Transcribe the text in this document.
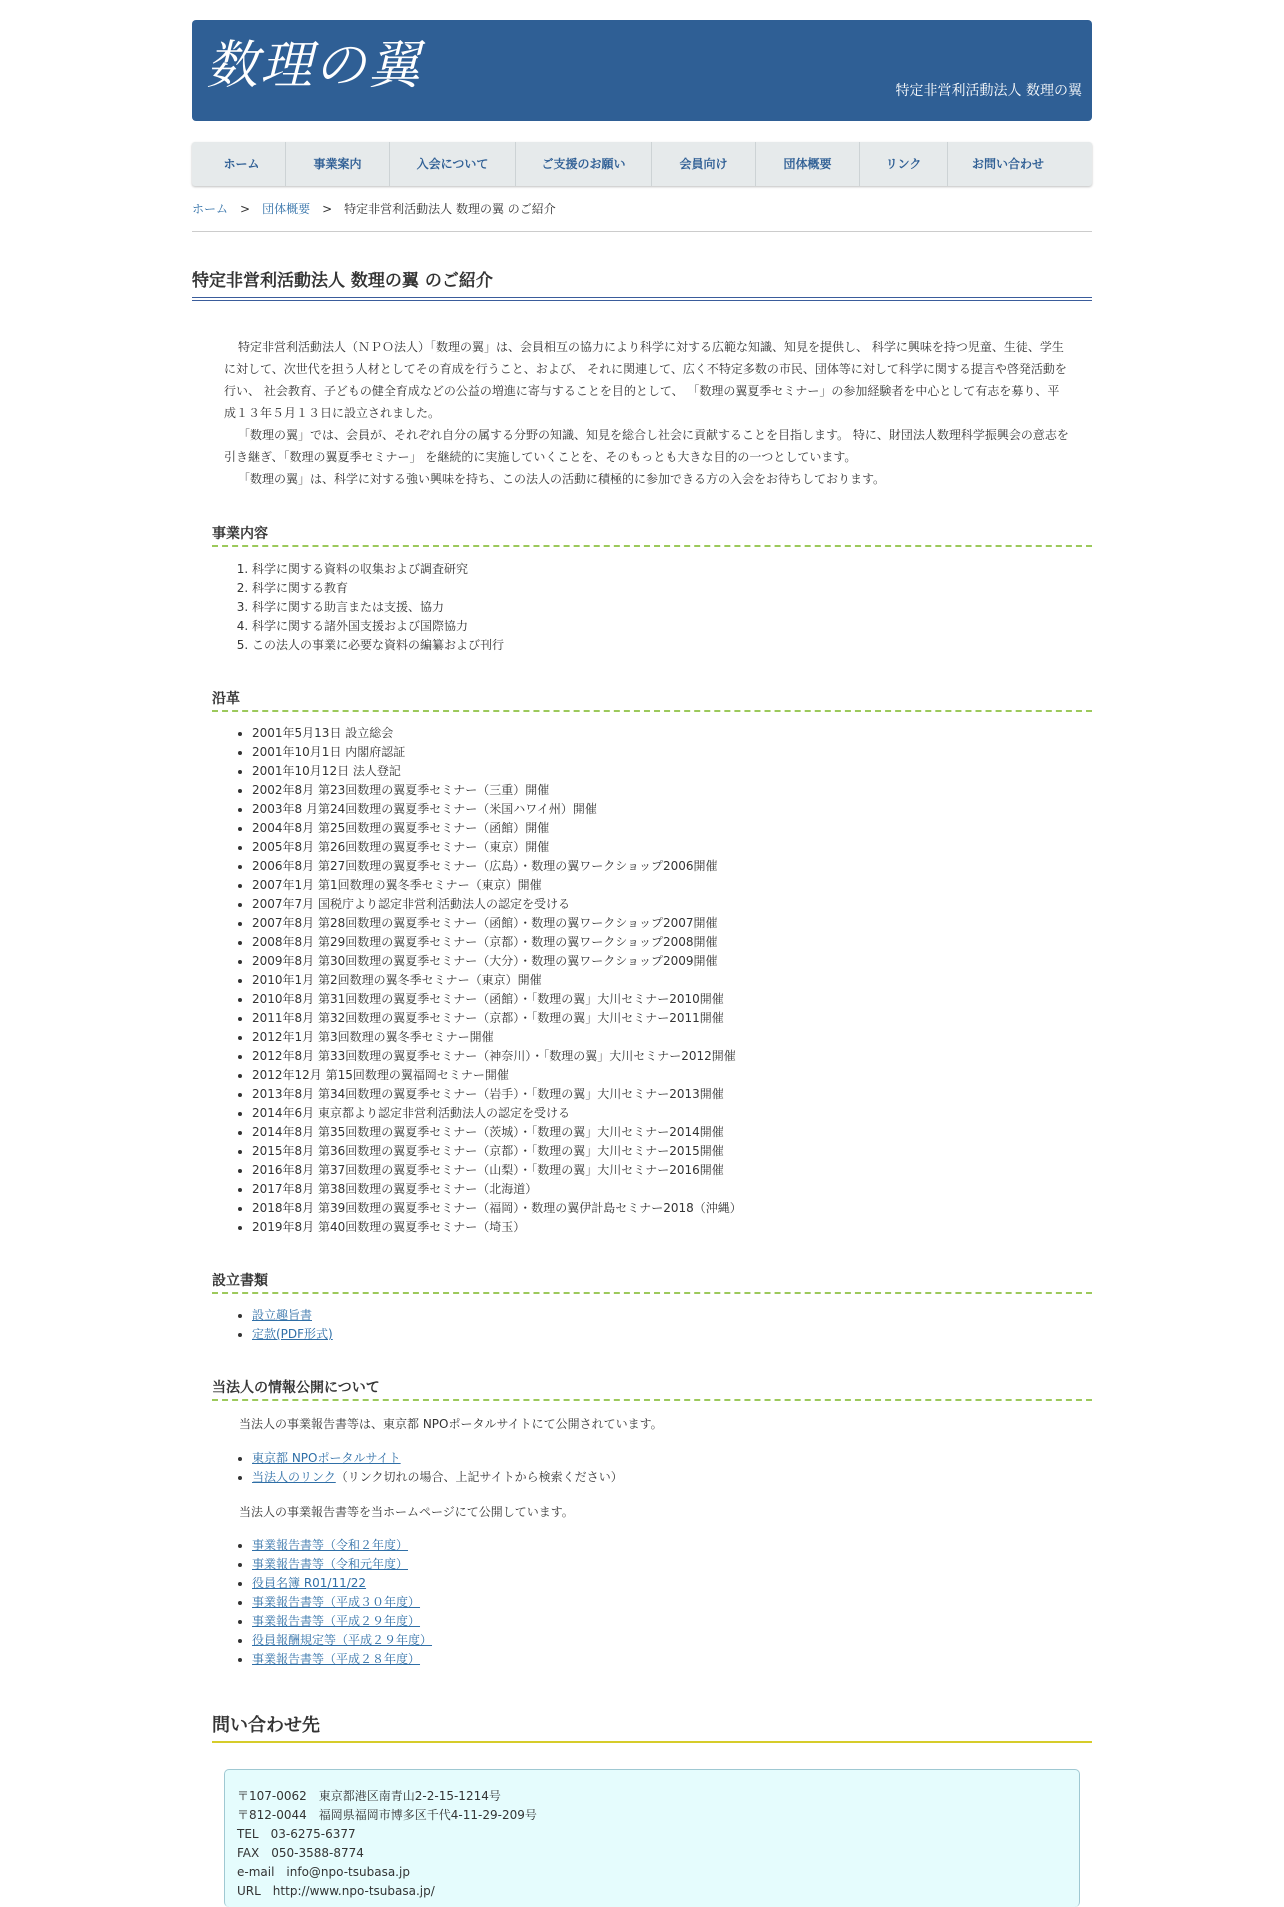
数理の翼	特定非営利活動法人 数理の翼
ホーム	事業案内	入会について	ご支援のお願い	会員向け	団体概要	リンク	お問い合わせ
ホーム > 団体概要 > 特定非営利活動法人 数理の翼 のご紹介
特定非営利活動法人 数理の翼 のご紹介

特定非営利活動法人（ＮＰＯ法人）「数理の翼」は、会員相互の協力により科学に対する広範な知識、知見を提供し、 科学に興味を持つ児童、生徒、学生に対して、次世代を担う人材としてその育成を行うこと、および、 それに関連して、広く不特定多数の市民、団体等に対して科学に関する提言や啓発活動を行い、 社会教育、子どもの健全育成などの公益の増進に寄与することを目的として、 「数理の翼夏季セミナー」の参加経験者を中心として有志を募り、平成１３年５月１３日に設立されました。

「数理の翼」では、会員が、それぞれ自分の属する分野の知識、知見を総合し社会に貢献することを目指します。 特に、財団法人数理科学振興会の意志を引き継ぎ、「数理の翼夏季セミナー」 を継続的に実施していくことを、そのもっとも大きな目的の一つとしています。

「数理の翼」は、科学に対する強い興味を持ち、この法人の活動に積極的に参加できる方の入会をお待ちしております。

事業内容
1. 科学に関する資料の収集および調査研究
2. 科学に関する教育
3. 科学に関する助言または支援、協力
4. 科学に関する諸外国支援および国際協力
5. この法人の事業に必要な資料の編纂および刊行
沿革
• 2001年5月13日 設立総会
• 2001年10月1日 内閣府認証
• 2001年10月12日 法人登記
• 2002年8月 第23回数理の翼夏季セミナー（三重）開催
• 2003年8 月第24回数理の翼夏季セミナー（米国ハワイ州）開催
• 2004年8月 第25回数理の翼夏季セミナー（函館）開催
• 2005年8月 第26回数理の翼夏季セミナー（東京）開催
• 2006年8月 第27回数理の翼夏季セミナー（広島）・数理の翼ワークショップ2006開催
• 2007年1月 第1回数理の翼冬季セミナー（東京）開催
• 2007年7月 国税庁より認定非営利活動法人の認定を受ける
• 2007年8月 第28回数理の翼夏季セミナー（函館）・数理の翼ワークショップ2007開催
• 2008年8月 第29回数理の翼夏季セミナー（京都）・数理の翼ワークショップ2008開催
• 2009年8月 第30回数理の翼夏季セミナー（大分）・数理の翼ワークショップ2009開催
• 2010年1月 第2回数理の翼冬季セミナー（東京）開催
• 2010年8月 第31回数理の翼夏季セミナー（函館）・「数理の翼」大川セミナー2010開催
• 2011年8月 第32回数理の翼夏季セミナー（京都）・「数理の翼」大川セミナー2011開催
• 2012年1月 第3回数理の翼冬季セミナー開催
• 2012年8月 第33回数理の翼夏季セミナー（神奈川）・「数理の翼」大川セミナー2012開催
• 2012年12月 第15回数理の翼福岡セミナー開催
• 2013年8月 第34回数理の翼夏季セミナー（岩手）・「数理の翼」大川セミナー2013開催
• 2014年6月 東京都より認定非営利活動法人の認定を受ける
• 2014年8月 第35回数理の翼夏季セミナー（茨城）・「数理の翼」大川セミナー2014開催
• 2015年8月 第36回数理の翼夏季セミナー（京都）・「数理の翼」大川セミナー2015開催
• 2016年8月 第37回数理の翼夏季セミナー（山梨）・「数理の翼」大川セミナー2016開催
• 2017年8月 第38回数理の翼夏季セミナー（北海道）
• 2018年8月 第39回数理の翼夏季セミナー（福岡）・数理の翼伊計島セミナー2018（沖縄）
• 2019年8月 第40回数理の翼夏季セミナー（埼玉）
設立書類
• 設立趣旨書
• 定款(PDF形式)
当法人の情報公開について

当法人の事業報告書等は、東京都 NPOポータルサイトにて公開されています。

• 東京都 NPOポータルサイト
• 当法人のリンク（リンク切れの場合、上記サイトから検索ください）

当法人の事業報告書等を当ホームページにて公開しています。

• 事業報告書等（令和２年度）
• 事業報告書等（令和元年度）
• 役員名簿 R01/11/22
• 事業報告書等（平成３０年度）
• 事業報告書等（平成２９年度）
• 役員報酬規定等（平成２９年度）
• 事業報告書等（平成２８年度）
問い合わせ先
〒107-0062　東京都港区南青山2-2-15-1214号
〒812-0044　福岡県福岡市博多区千代4-11-29-209号
TEL　03-6275-6377
FAX　050-3588-8774
e-mail　info@npo-tsubasa.jp
URL　http://www.npo-tsubasa.jp/
